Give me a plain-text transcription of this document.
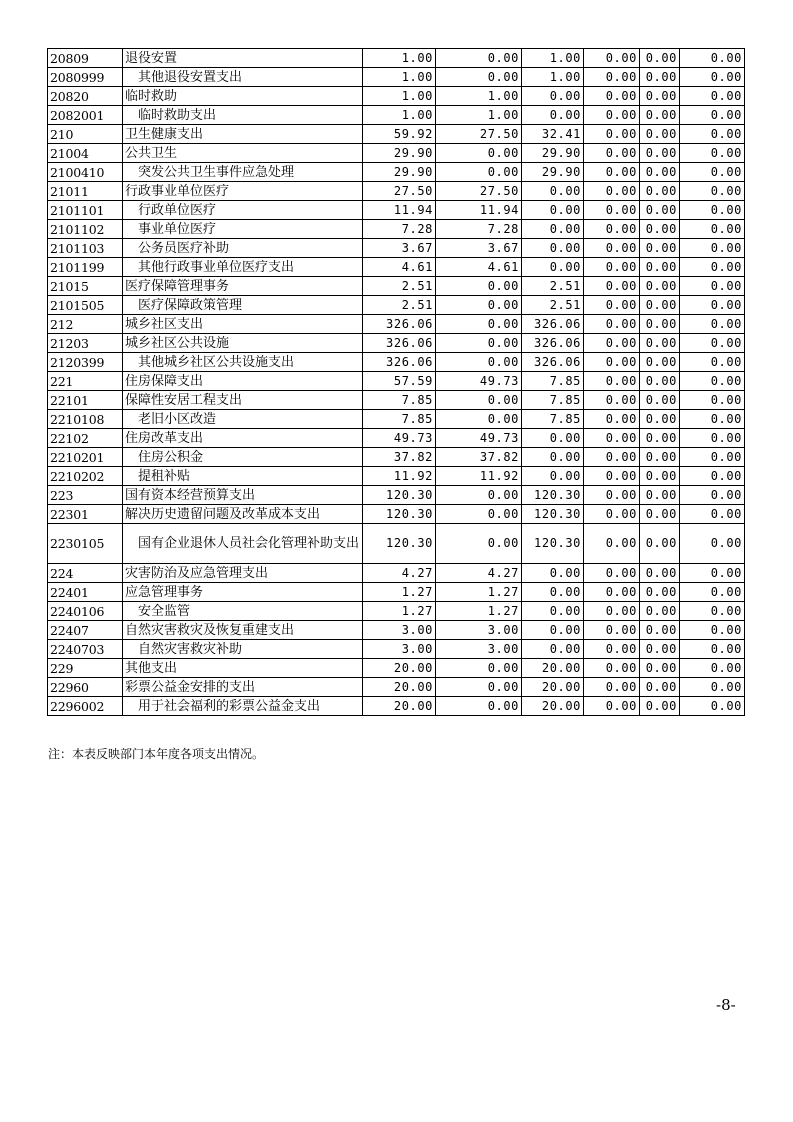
20809	退役安置	1.00	0.00	1.00	0.00	0.00	0.00
2080999	其他退役安置支出	1.00	0.00	1.00	0.00	0.00	0.00
20820	临时救助	1.00	1.00	0.00	0.00	0.00	0.00
2082001	临时救助支出	1.00	1.00	0.00	0.00	0.00	0.00
210	卫生健康支出	59.92	27.50	32.41	0.00	0.00	0.00
21004	公共卫生	29.90	0.00	29.90	0.00	0.00	0.00
2100410	突发公共卫生事件应急处理	29.90	0.00	29.90	0.00	0.00	0.00
21011	行政事业单位医疗	27.50	27.50	0.00	0.00	0.00	0.00
2101101	行政单位医疗	11.94	11.94	0.00	0.00	0.00	0.00
2101102	事业单位医疗	7.28	7.28	0.00	0.00	0.00	0.00
2101103	公务员医疗补助	3.67	3.67	0.00	0.00	0.00	0.00
2101199	其他行政事业单位医疗支出	4.61	4.61	0.00	0.00	0.00	0.00
21015	医疗保障管理事务	2.51	0.00	2.51	0.00	0.00	0.00
2101505	医疗保障政策管理	2.51	0.00	2.51	0.00	0.00	0.00
212	城乡社区支出	326.06	0.00	326.06	0.00	0.00	0.00
21203	城乡社区公共设施	326.06	0.00	326.06	0.00	0.00	0.00
2120399	其他城乡社区公共设施支出	326.06	0.00	326.06	0.00	0.00	0.00
221	住房保障支出	57.59	49.73	7.85	0.00	0.00	0.00
22101	保障性安居工程支出	7.85	0.00	7.85	0.00	0.00	0.00
2210108	老旧小区改造	7.85	0.00	7.85	0.00	0.00	0.00
22102	住房改革支出	49.73	49.73	0.00	0.00	0.00	0.00
2210201	住房公积金	37.82	37.82	0.00	0.00	0.00	0.00
2210202	提租补贴	11.92	11.92	0.00	0.00	0.00	0.00
223	国有资本经营预算支出	120.30	0.00	120.30	0.00	0.00	0.00
22301	解决历史遗留问题及改革成本支出	120.30	0.00	120.30	0.00	0.00	0.00
2230105	国有企业退休人员社会化管理补助支出	120.30	0.00	120.30	0.00	0.00	0.00
224	灾害防治及应急管理支出	4.27	4.27	0.00	0.00	0.00	0.00
22401	应急管理事务	1.27	1.27	0.00	0.00	0.00	0.00
2240106	安全监管	1.27	1.27	0.00	0.00	0.00	0.00
22407	自然灾害救灾及恢复重建支出	3.00	3.00	0.00	0.00	0.00	0.00
2240703	自然灾害救灾补助	3.00	3.00	0.00	0.00	0.00	0.00
229	其他支出	20.00	0.00	20.00	0.00	0.00	0.00
22960	彩票公益金安排的支出	20.00	0.00	20.00	0.00	0.00	0.00
2296002	用于社会福利的彩票公益金支出	20.00	0.00	20.00	0.00	0.00	0.00
注：本表反映部门本年度各项支出情况。
-8-
